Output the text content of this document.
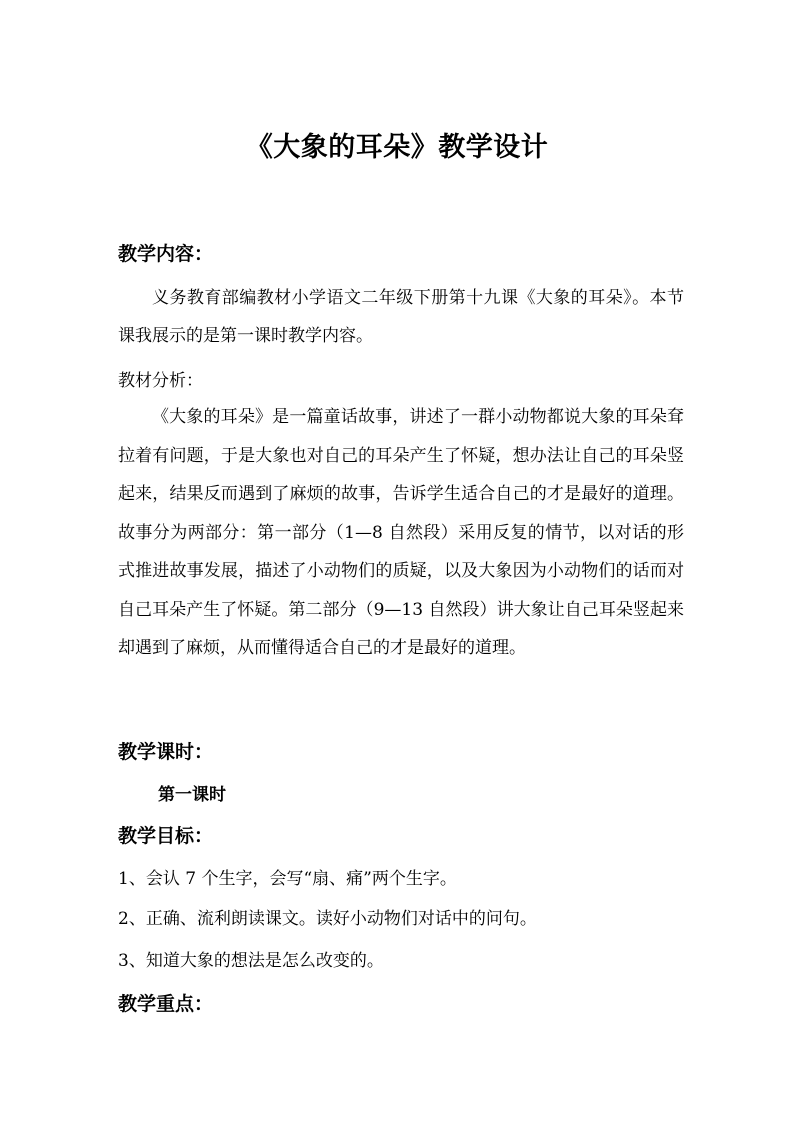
《大象的耳朵》教学设计
教学内容：
义务教育部编教材小学语文二年级下册第十九课《大象的耳朵》。本节课我展示的是第一课时教学内容。
教材分析：
《大象的耳朵》是一篇童话故事，讲述了一群小动物都说大象的耳朵耷拉着有问题，于是大象也对自己的耳朵产生了怀疑，想办法让自己的耳朵竖起来，结果反而遇到了麻烦的故事，告诉学生适合自己的才是最好的道理。故事分为两部分：第一部分（1—8 自然段）采用反复的情节，以对话的形式推进故事发展，描述了小动物们的质疑，以及大象因为小动物们的话而对自己耳朵产生了怀疑。第二部分（9—13 自然段）讲大象让自己耳朵竖起来却遇到了麻烦，从而懂得适合自己的才是最好的道理。
教学课时：
第一课时
教学目标：
1、会认 7 个生字，会写“扇、痛”两个生字。
2、正确、流利朗读课文。读好小动物们对话中的问句。
3、知道大象的想法是怎么改变的。
教学重点：
